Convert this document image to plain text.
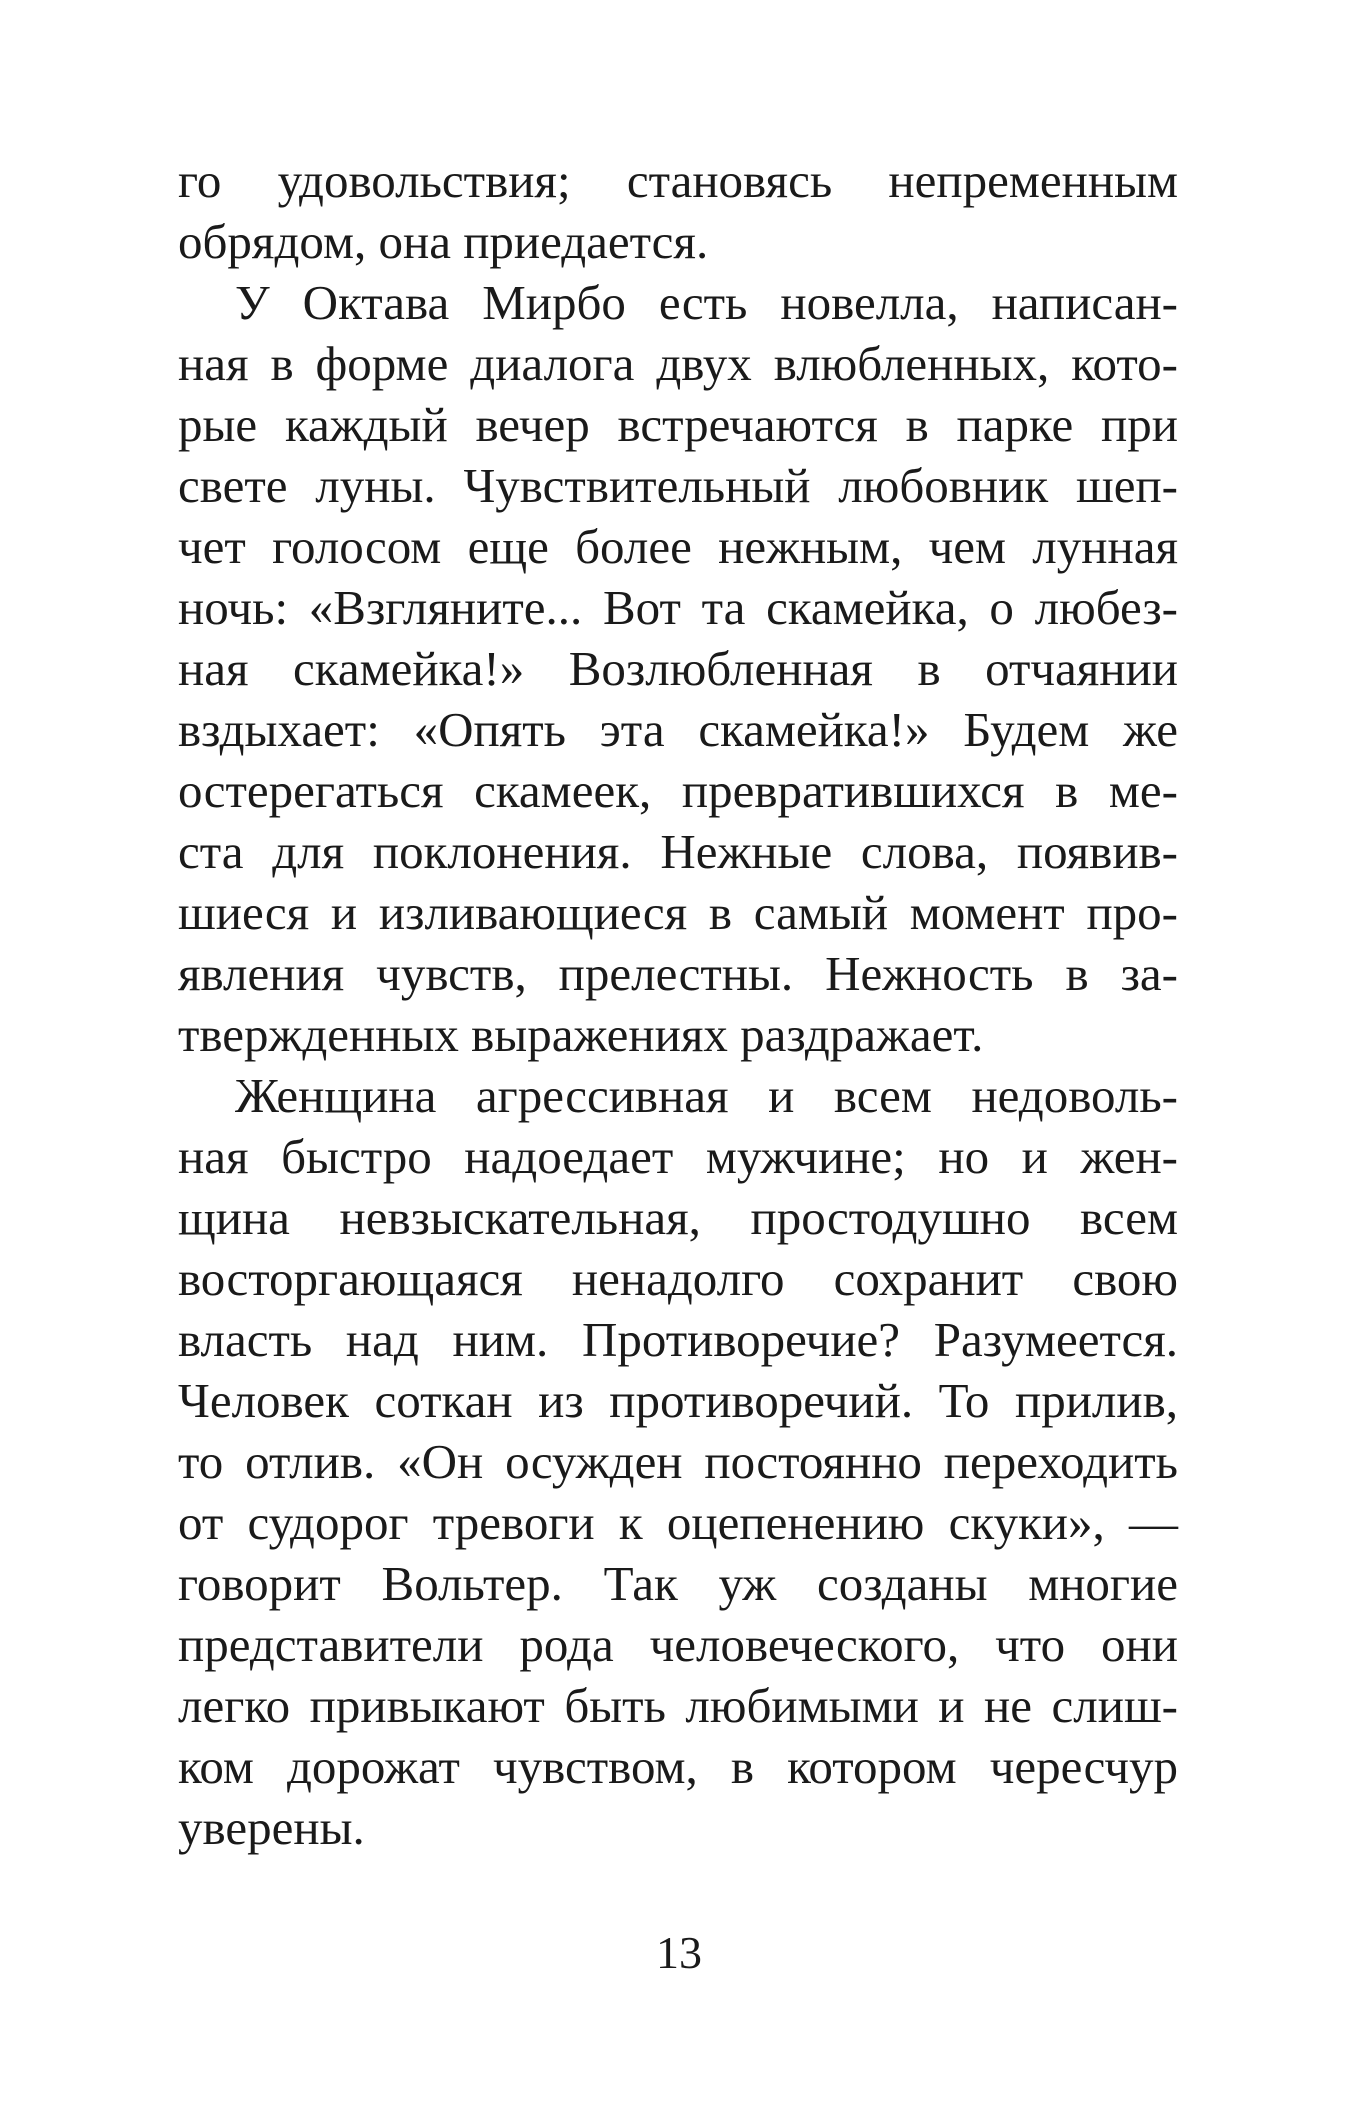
го удовольствия; становясь непременным
обрядом, она приедается.
У Октава Мирбо есть новелла, написан-
ная в форме диалога двух влюбленных, кото-
рые каждый вечер встречаются в парке при
свете луны. Чувствительный любовник шеп-
чет голосом еще более нежным, чем лунная
ночь: «Взгляните... Вот та скамейка, о любез-
ная скамейка!» Возлюбленная в отчаянии
вздыхает: «Опять эта скамейка!» Будем же
остерегаться скамеек, превратившихся в ме-
ста для поклонения. Нежные слова, появив-
шиеся и изливающиеся в самый момент про-
явления чувств, прелестны. Нежность в за-
твержденных выражениях раздражает.
Женщина агрессивная и всем недоволь-
ная быстро надоедает мужчине; но и жен-
щина невзыскательная, простодушно всем
восторгающаяся ненадолго сохранит свою
власть над ним. Противоречие? Разумеется.
Человек соткан из противоречий. То прилив,
то отлив. «Он осужден постоянно переходить
от судорог тревоги к оцепенению скуки», —
говорит Вольтер. Так уж созданы многие
представители рода человеческого, что они
легко привыкают быть любимыми и не слиш-
ком дорожат чувством, в котором чересчур
уверены.
13
